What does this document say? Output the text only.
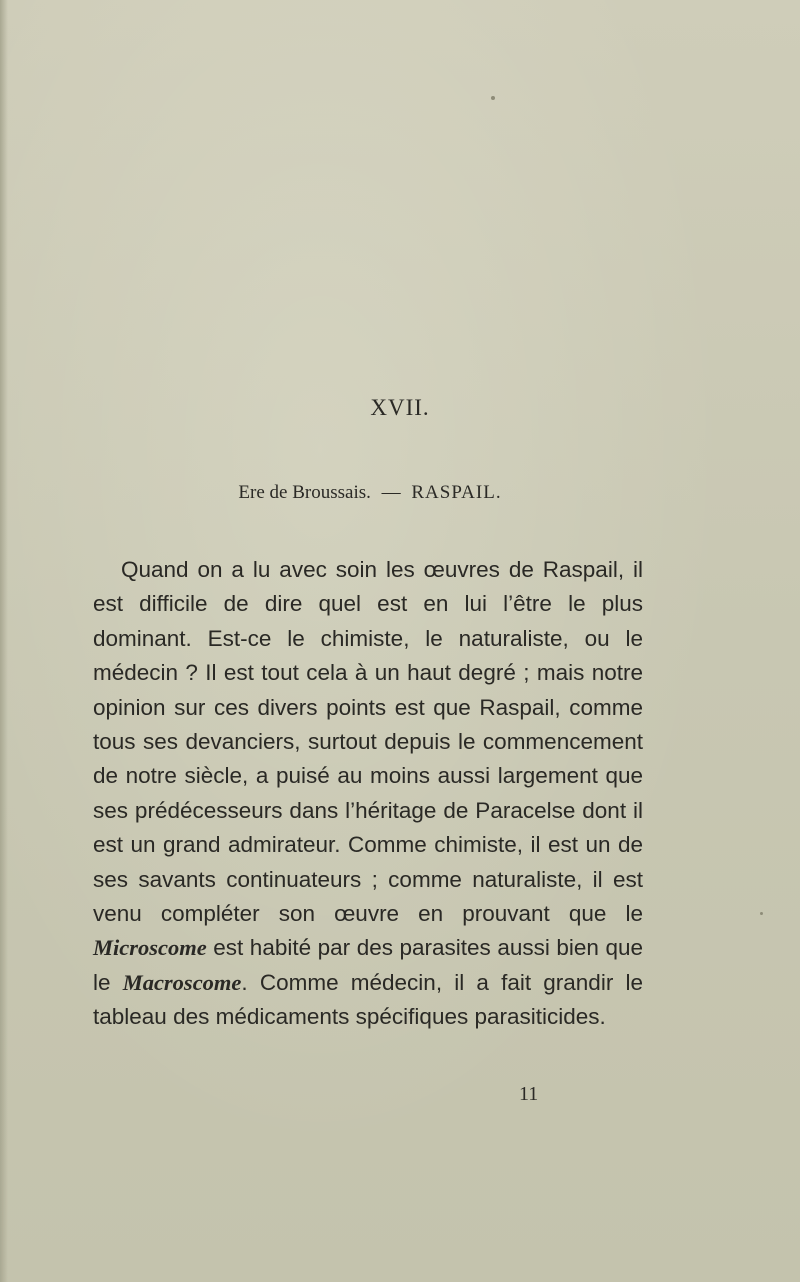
XVII.
Ere de Broussais. — RASPAIL.

Quand on a lu avec soin les œuvres de Raspail, il est difficile de dire quel est en lui l’être le plus dominant. Est-ce le chimiste, le naturaliste, ou le médecin ? Il est tout cela à un haut degré ; mais notre opinion sur ces divers points est que Raspail, comme tous ses devanciers, surtout depuis le commencement de notre siècle, a puisé au moins aussi largement que ses prédécesseurs dans l’héritage de Paracelse dont il est un grand admirateur. Comme chimiste, il est un de ses savants continuateurs ; comme naturaliste, il est venu compléter son œuvre en prouvant que le Microscome est habité par des parasites aussi bien que le Macroscome. Comme médecin, il a fait grandir le tableau des médicaments spécifiques parasiticides.

11
